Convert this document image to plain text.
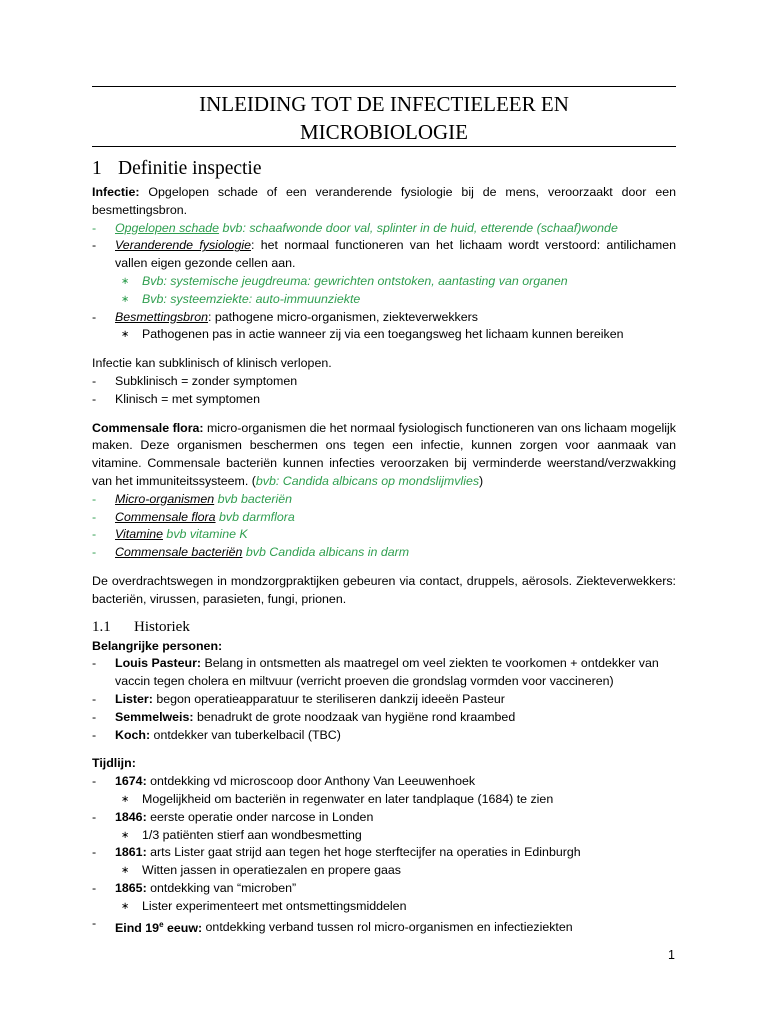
INLEIDING TOT DE INFECTIELEER EN
MICROBIOLOGIE
1 Definitie inspectie

Infectie: Opgelopen schade of een veranderende fysiologie bij de mens, veroorzaakt door een besmettingsbron.

- Opgelopen schade bvb: schaafwonde door val, splinter in de huid, etterende (schaaf)wonde
- Veranderende fysiologie: het normaal functioneren van het lichaam wordt verstoord: antilichamen vallen eigen gezonde cellen aan.
∗ Bvb: systemische jeugdreuma: gewrichten ontstoken, aantasting van organen
∗ Bvb: systeemziekte: auto-immuunziekte
- Besmettingsbron: pathogene micro-organismen, ziekteverwekkers
∗ Pathogenen pas in actie wanneer zij via een toegangsweg het lichaam kunnen bereiken

Infectie kan subklinisch of klinisch verlopen.

- Subklinisch = zonder symptomen
- Klinisch = met symptomen

Commensale flora: micro-organismen die het normaal fysiologisch functioneren van ons lichaam mogelijk maken. Deze organismen beschermen ons tegen een infectie, kunnen zorgen voor aanmaak van vitamine. Commensale bacteriën kunnen infecties veroorzaken bij verminderde weerstand/verzwakking van het immuniteitssysteem. (bvb: Candida albicans op mondslijmvlies)

- Micro-organismen bvb bacteriën
- Commensale flora bvb darmflora
- Vitamine bvb vitamine K
- Commensale bacteriën bvb Candida albicans in darm

De overdrachtswegen in mondzorgpraktijken gebeuren via contact, druppels, aërosols. Ziekteverwekkers: bacteriën, virussen, parasieten, fungi, prionen.

1.1 Historiek

Belangrijke personen:

- Louis Pasteur: Belang in ontsmetten als maatregel om veel ziekten te voorkomen + ontdekker van vaccin tegen cholera en miltvuur (verricht proeven die grondslag vormden voor vaccineren)
- Lister: begon operatieapparatuur te steriliseren dankzij ideeën Pasteur
- Semmelweis: benadrukt de grote noodzaak van hygiëne rond kraambed
- Koch: ontdekker van tuberkelbacil (TBC)

Tijdlijn:

- 1674: ontdekking vd microscoop door Anthony Van Leeuwenhoek
∗ Mogelijkheid om bacteriën in regenwater en later tandplaque (1684) te zien
- 1846: eerste operatie onder narcose in Londen
∗ 1/3 patiënten stierf aan wondbesmetting
- 1861: arts Lister gaat strijd aan tegen het hoge sterftecijfer na operaties in Edinburgh
∗ Witten jassen in operatiezalen en propere gaas
- 1865: ontdekking van “microben”
∗ Lister experimenteert met ontsmettingsmiddelen
- Eind 19e eeuw: ontdekking verband tussen rol micro-organismen en infectieziekten
1
